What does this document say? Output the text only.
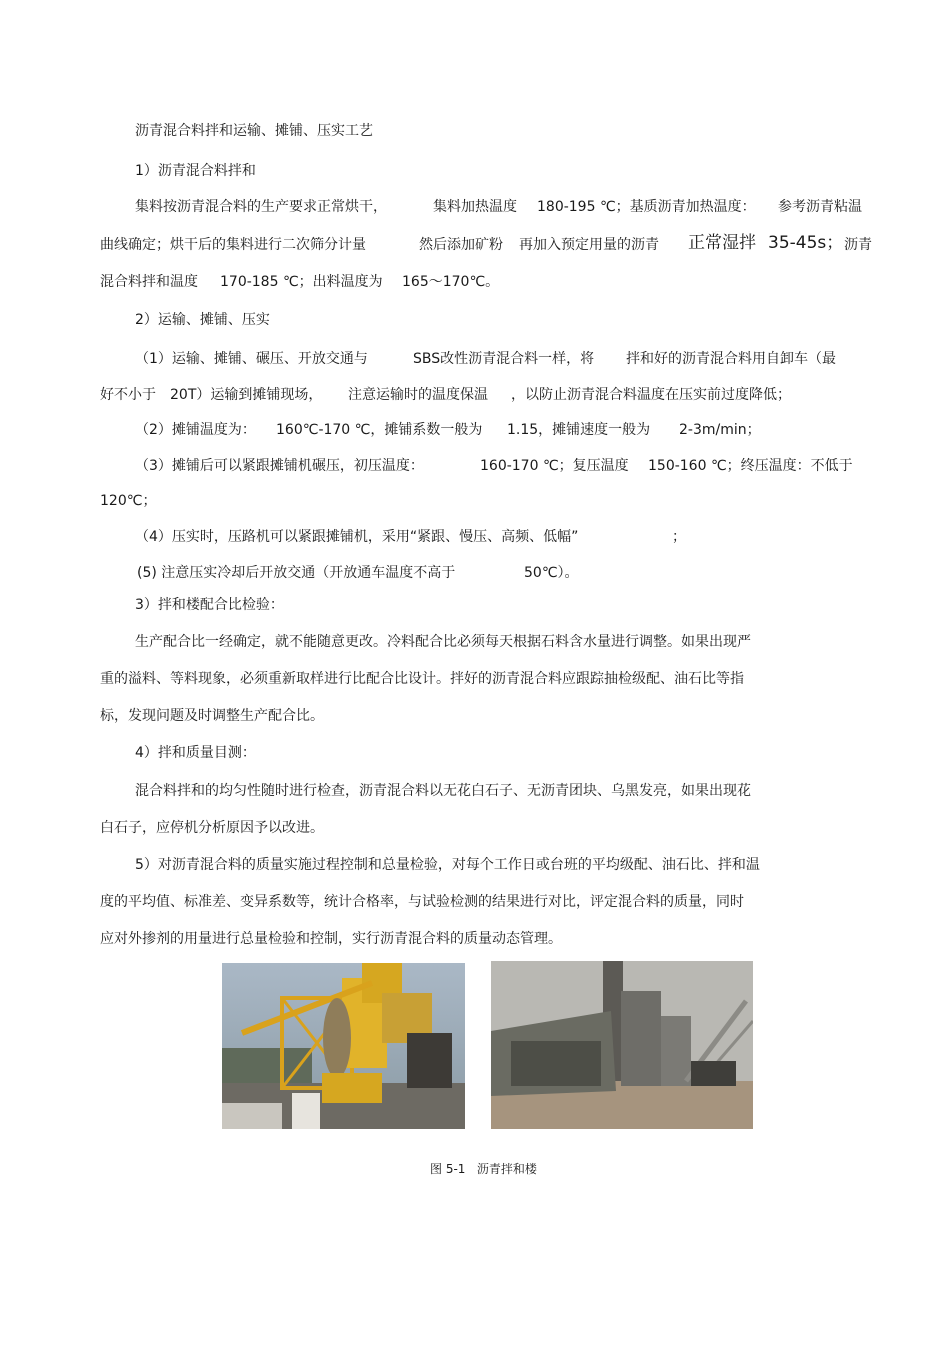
沥青混合料拌和运输、摊铺、压实工艺
1）沥青混合料拌和
集料按沥青混合料的生产要求正常烘干，	集料加热温度 180-195 ℃；基质沥青加热温度： 参考沥青粘温
曲线确定；烘干后的集料进行二次筛分计量	然后添加矿粉 再加入预定用量的沥青 正常湿拌 35-45s； 沥青
混合料拌和温度 170-185 ℃；出料温度为 165～170℃。
2）运输、摊铺、压实
（1）运输、摊铺、碾压、开放交通与	SBS改性沥青混合料一样，将 拌和好的沥青混合料用自卸车（最
好不小于 20T）运输到摊铺现场， 注意运输时的温度保温 ，以防止沥青混合料温度在压实前过度降低；
（2）摊铺温度为： 160℃-170 ℃，摊铺系数一般为 1.15，摊铺速度一般为 2-3m/min；
（3）摊铺后可以紧跟摊铺机碾压，初压温度：	160-170 ℃；复压温度 150-160 ℃；终压温度：不低于
120℃；
（4）压实时，压路机可以紧跟摊铺机，采用“紧跟、慢压、高频、低幅”	；
(5) 注意压实冷却后开放交通（开放通车温度不高于	50℃）。
3）拌和楼配合比检验：
生产配合比一经确定，就不能随意更改。冷料配合比必须每天根据石料含水量进行调整。如果出现严
重的溢料、等料现象，必须重新取样进行比配合比设计。拌好的沥青混合料应跟踪抽检级配、油石比等指
标，发现问题及时调整生产配合比。
4）拌和质量目测：
混合料拌和的均匀性随时进行检查，沥青混合料以无花白石子、无沥青团块、乌黑发亮，如果出现花
白石子，应停机分析原因予以改进。
5）对沥青混合料的质量实施过程控制和总量检验，对每个工作日或台班的平均级配、油石比、拌和温
度的平均值、标准差、变异系数等，统计合格率，与试验检测的结果进行对比，评定混合料的质量，同时
应对外掺剂的用量进行总量检验和控制，实行沥青混合料的质量动态管理。
图 5-1   沥青拌和楼
